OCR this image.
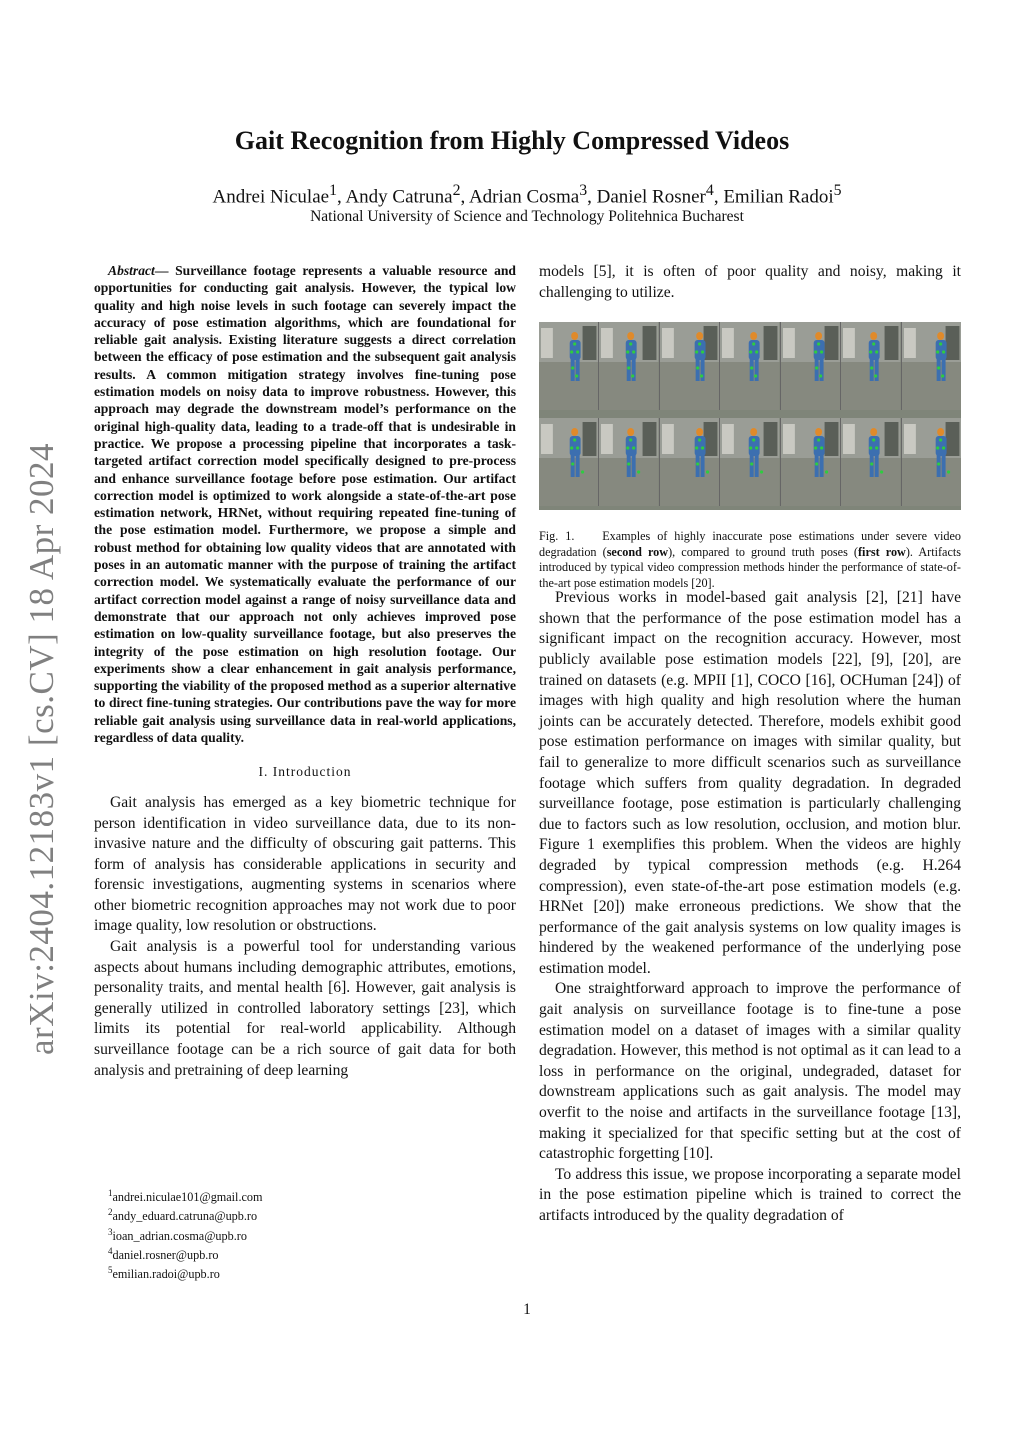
arXiv:2404.12183v1 [cs.CV] 18 Apr 2024
Gait Recognition from Highly Compressed Videos
Andrei Niculae$^1$, Andy Catruna$^2$, Adrian Cosma$^3$, Daniel Rosner$^4$, Emilian Radoi$^5$
National University of Science and Technology Politehnica Bucharest

Abstract— Surveillance footage represents a valuable resource and opportunities for conducting gait analysis. However, the typical low quality and high noise levels in such footage can severely impact the accuracy of pose estimation algorithms, which are foundational for reliable gait analysis. Existing literature suggests a direct correlation between the efficacy of pose estimation and the subsequent gait analysis results. A common mitigation strategy involves fine-tuning pose estimation models on noisy data to improve robustness. However, this approach may degrade the downstream model’s performance on the original high-quality data, leading to a trade-off that is undesirable in practice. We propose a processing pipeline that incorporates a task-targeted artifact correction model specifically designed to pre-process and enhance surveillance footage before pose estimation. Our artifact correction model is optimized to work alongside a state-of-the-art pose estimation network, HRNet, without requiring repeated fine-tuning of the pose estimation model. Furthermore, we propose a simple and robust method for obtaining low quality videos that are annotated with poses in an automatic manner with the purpose of training the artifact correction model. We systematically evaluate the performance of our artifact correction model against a range of noisy surveillance data and demonstrate that our approach not only achieves improved pose estimation on low-quality surveillance footage, but also preserves the integrity of the pose estimation on high resolution footage. Our experiments show a clear enhancement in gait analysis performance, supporting the viability of the proposed method as a superior alternative to direct fine-tuning strategies. Our contributions pave the way for more reliable gait analysis using surveillance data in real-world applications, regardless of data quality.

I. Introduction

Gait analysis has emerged as a key biometric technique for person identification in video surveillance data, due to its non-invasive nature and the difficulty of obscuring gait patterns. This form of analysis has considerable applications in security and forensic investigations, augmenting systems in scenarios where other biometric recognition approaches may not work due to poor image quality, low resolution or obstructions.

Gait analysis is a powerful tool for understanding various aspects about humans including demographic attributes, emotions, personality traits, and mental health [6]. However, gait analysis is generally utilized in controlled laboratory settings [23], which limits its potential for real-world applicability. Although surveillance footage can be a rich source of gait data for both analysis and pretraining of deep learning

$^1$andrei.niculae101@gmail.com
$^2$andy_eduard.catruna@upb.ro
$^3$ioan_adrian.cosma@upb.ro
$^4$daniel.rosner@upb.ro
$^5$emilian.radoi@upb.ro

models [5], it is often of poor quality and noisy, making it challenging to utilize.

Previous works in model-based gait analysis [2], [21] have shown that the performance of the pose estimation model has a significant impact on the recognition accuracy. However, most publicly available pose estimation models [22], [9], [20], are trained on datasets (e.g. MPII [1], COCO [16], OCHuman [24]) of images with high quality and high resolution where the human joints can be accurately detected. Therefore, models exhibit good pose estimation performance on images with similar quality, but fail to generalize to more difficult scenarios such as surveillance footage which suffers from quality degradation. In degraded surveillance footage, pose estimation is particularly challenging due to factors such as low resolution, occlusion, and motion blur. Figure 1 exemplifies this problem. When the videos are highly degraded by typical compression methods (e.g. H.264 compression), even state-of-the-art pose estimation models (e.g. HRNet [20]) make erroneous predictions. We show that the performance of the gait analysis systems on low quality images is hindered by the weakened performance of the underlying pose estimation model.

One straightforward approach to improve the performance of gait analysis on surveillance footage is to fine-tune a pose estimation model on a dataset of images with a similar quality degradation. However, this method is not optimal as it can lead to a loss in performance on the original, undegraded, dataset for downstream applications such as gait analysis. The model may overfit to the noise and artifacts in the surveillance footage [13], making it specialized for that specific setting but at the cost of catastrophic forgetting [10].

To address this issue, we propose incorporating a separate model in the pose estimation pipeline which is trained to correct the artifacts introduced by the quality degradation of

Fig. 1. Examples of highly inaccurate pose estimations under severe video degradation (second row), compared to ground truth poses (first row). Artifacts introduced by typical video compression methods hinder the performance of state-of-the-art pose estimation models [20].
1
